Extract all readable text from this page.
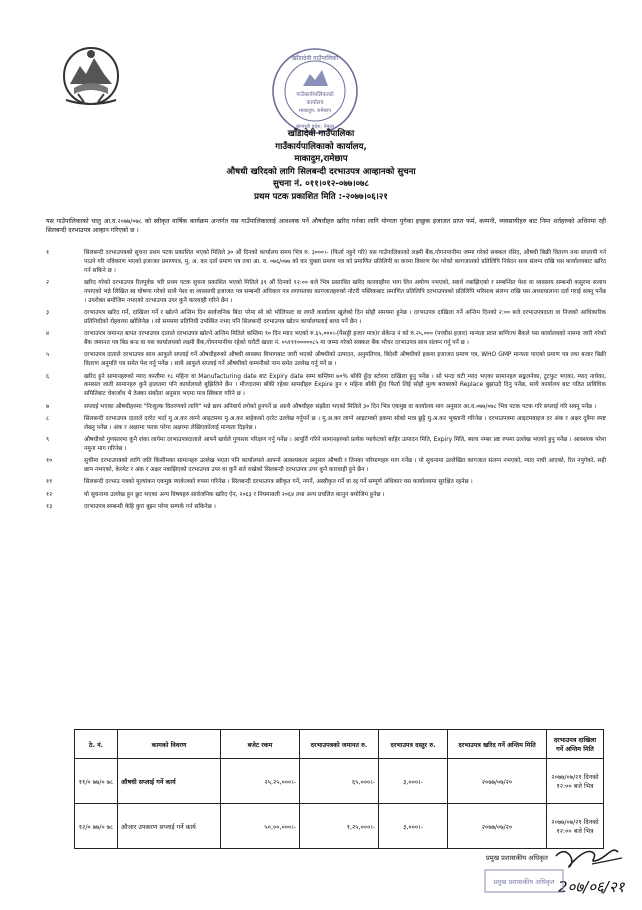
खाँडादेवी गाउँपालिका
गाउँकार्यपालिकाको
कार्यालय
माकादुम, रामेछाप
बागमती प्रदेश, नेपाल
खाँडादेवी गाउँपालिका
गाउँकार्यपालिकाको कार्यालय,
माकादुम,रामेछाप
औषधी खरिदको लागि सिलबन्दी दरभाउपत्र आव्हानको सुचना
सुचना नं. ०११।०१२-०७७।०७८
प्रथम पटक प्रकाशित मिति :-२०७७।०६।२१
यस गाउँपालिकाको चालु आ.व.२०७७/०७८ को स्वीकृत वार्षिक कार्यक्रम अन्तर्गत यस गाउँपालिकालाई आवश्यक पर्ने औषधीहरु खरिद गर्नका लागि योग्यता पुगेका इच्छुक इजाजत प्राप्त फर्म, कम्पनी, व्यवसायीहरु बाट निम्न शर्तहरुको अधिनमा रही सिलबन्दी दरभाउपत्र आव्हान गरिएको छ ।
१	सिलबन्दी दरभाउपत्रको सुचना प्रथम पटक प्रकाशित भएको मितिले ३० औं दिनको कार्यालय समय भित्र रु. ३०००।- (फिर्ता नहुने गरि) यस गाउँपालिकाको लक्ष्मी बैंक,गोगनपानीमा जम्मा गरेको सक्कल रसिद, औषधी बिक्री वितरण तथा सप्लायी गर्न पाउने गरि नविकरण भएको इजाजत प्रमाणपत्र, मु. अ. कर दर्ता प्रमाण पत्र तथा आ. व. ०७६/०७७ को कर चुक्ता प्रमाण पत्र को प्रमाणित प्रतिलिपी वा करमा विवरण पेश गरेको कागजातको प्रतिलिपि निवेदन साथ संलग्न राखि यस कार्यालयबाट खरिद गर्न सकिने छ ।
२	खरिद गरेको दरभाउपत्र रितपुर्वक भरि प्रथम पटक सुचना प्रकाशित भएको मितिले ३१ औं दिनको १२:०० बजे भित्र प्रस्तावित खरिद कारवाहीमा भाग लिन अयोग्य नभएको, स्वार्थ नबाझिएको र सम्बन्धित पेशा वा व्यवसाय सम्बन्धी कसुरमा सजाय नपाएको भन्ने लिखित स्व घोषणा गरेको साथै पेशा वा व्यवसायी इजाजत पत्र सम्बन्धी अधिकार पत्र लगायतका कागजातहरुको नोटरी पब्लिकबाट प्रमाणित प्रतिलिपि दरभाउपत्रको प्रतिलिपि भरिसाथ संलग्न राखि यस अध्यायालाना दर्ता गराई सक्नु पर्नेछ । उपरोक्त बमोजिम नभएको दरभाउपत्र उपर कुनै कारवाही गरिने छैन ।
३	दरभाउपत्र खरिद गर्ने, दाखिला गर्ने र खोल्ने अन्तिम दिन सार्वजनिक बिदा परेमा सो को भोलिपल्ट वा लगतै कार्यालय खुलेको दिन सोही समयमा हुनेछ । दरभाउपत्र दाखिला गर्ने अन्तिम दिनको २:०० बजे दरभाउपत्रदाता वा निजको आधिकारिक प्रतिनिधीको रोहवरमा खोलिनेछ । सो समयमा प्रतिनिधी उपस्थित नभए पनि सिलबन्दी दरभाउपत्र खोल्न कार्यालयलाई बाधा पर्ने छैन ।
४	दरभाउपत्र जमानत बापत दरभाउपत्र दाताले दरभाउपत्र खोल्ने अन्तिम मितिले कम्तिमा ९० दिन म्याद भएको रु.६५,०००।-(पैसठ्ठी हजार मात्र)र सेकेन्ड नं को रु.२५,००० (पच्चीस हजार) मान्यता प्राप्त बाणिज्य बैंकले यस कार्यालयको नाममा जारी गरेको बैंक जमानत पत्र बिड बन्ड वा यस कार्यालयको लक्ष्मी बैंक,गोगनपानीमा रहेको धरौटी खाता नं. ०५१११०००००८५ मा जम्मा गरेको सक्कल बैंक भौचर दरभाउपत्र साथ संलग्न गर्नु पर्ने छ ।
५	दरभाउपत्र दाताले दरभाउपत्र साथ आफुले सप्लाई गर्ने औषधीहरुको औषधी व्यवस्था विभागबाट जारी भएको औषधीको उत्पादन, अनुमतिपत्र, बिदेशी औषधीको हकमा इजाजत प्रमाण पत्र, WHO GMP मान्यता पाएको प्रमाण पत्र तथा बजार बिक्री वितरण अनुमति पत्र समेत पेश गर्नु पर्नेछ । साथै आफुले सप्लाई गर्ने औषधीको कम्पनीको नाम समेत उल्लेख गर्नु पर्ने छ ।
६	खरिद हुने सामानहरुको म्याद कम्तीमा १८ महिना वा Manufacturing date बाट Expiry date सम्म कम्तिमा ७०% बाँकी हुँदा स्टोरमा दाखिला हुनु पर्नेछ । सो भन्दा घटी म्याद भएका सामानहरु सङ्कलनेका, टुटफुट भएका, म्याद नाघेका, कमसल जाती सामानहरु कुनै हालतमा पनि कार्यालयले बुझिलिने छैन । मौज्दातमा बाँकी रहेका सामग्रीहरु Expire हुन १ महिना बाँकी हुँदा फिर्ता लिई सोही मुल्य बराबरको Replace बुझाउदै दिनु पर्नेछ, साथै कार्यालय बाट गठित प्राविधिक समितिबाट चेकजाँच भै ठेक्का संकौता अनुसार भएमा मात्र स्विकार गरिने छ ।
७	सप्लाई भएका औषधीहरुमा "निःशुल्क वितरणको लागि" भन्ने छाप अनिवार्य लगेको हुनपर्ने छ ।साथै औषधीहरु संझौता भएको मितिले ३० दिन भित्र एकमुष्ठ वा कार्यालय माग अनुसार आ.व.०७७/०७८ भित्र पटक पटक गरि सप्लाई गरि सक्नु पर्नेछ ।
८	सिलबन्दी दरभाउपत्र दाताले दररेट भर्दा मु.अ.कर लाग्ने आइटममा मु.अ.कर बाहेकको दररेट उल्लेख गर्नुपर्ने छ । मु.अ.कर लाग्ने आइटमको हकमा सोको मात्र छुट्टै मु.अ.कर भुक्तानी गरिनेछ । दरभाउपत्रमा आइटमवाइज दर अंक र अक्षर दुवैमा स्पष्ट लेख्नु पर्नेछ । अंक र अक्षरमा फरक परेमा अक्षरमा लेखिएकोलाई मान्यता दिइनेछ ।
९	औषधीको गुणस्तरमा कुनै शंका लागेमा दरभाउपत्रदाताले आफ्नै खर्चले गुणस्तर परिक्षण गर्नु पर्नेछ । आपूर्ति गरिने सामानहरुको प्रत्येक प्याकेटको बाहिर उत्पादन मिति, Expiry मिति, ब्याच नम्बर प्रष्ट रुपमा उल्लेख भएको हुनु पर्नेछ । आवश्यक परेमा नमुना माग गरिनेछ ।
१०	सुचीमा दरभाउपत्रको लागि जति किसीमका सामानहरु उल्लेख भएता पनि कार्यालयले आफ्नो आवश्यकता अनुसार औषधी र तिनका परिमाणहरु माग गर्नेछ । यो सुचनामा उल्लेखित कागजात संलग्न नभएको, म्याद नाघी आएको, रित नपुगेको, सही छाप नभएको, केरमेट र अंक र अक्षर नबाझिएको दरभाउपत्र उपर वा कुनै शर्त राखेको सिलबन्दी दरभाउपत्र उपर कुनै कारवाही हुने छैन ।
११	सिलबन्दी दरभाउ पत्रको मूल्यांकन एकमुष्ठ प्याकेजको रुपमा गरिनेछ । सिलबन्दी दरभाउपत्र स्वीकृत गर्ने, नगर्ने, अस्वीकृत गर्ने वा रद्द गर्ने सम्पूर्ण अधिकार यस कार्यालयमा सुरक्षित रहनेछ ।
१२	यो सुचनामा उल्लेख हुन छुट भएका अन्य विषयहरु सार्वजनिक खरिद ऐन, २०६३ र नियमावली २०६४ तथा अन्य प्रचलित कानुन बमोजिम हुनेछ ।
१३	दरभाउपत्र सम्बन्धी केहि कुरा बुझ्न परेमा सम्पर्क गर्न सकिनेछ ।
ठे. नं.	कामको विवरण	बजेट रकम	दरभाउपत्रको जमानत रु.	दरभाउपत्र दस्तुर रु.	दरभाउपत्र खरिद गर्ने अन्तिम मिति	दरभाउपत्र दाखिला गर्ने अन्तिम मिति
११/० ७७/० ७८	औषधी सप्लाई गर्ने कार्य	२५,२५,०००।-	६५,०००।-	३,०००।-	२०७७/०७/२०	२०७७/०७/२१ दिनको १२:०० बजे भित्र
१२/० ७७/० ७८	औजार उपकरण सप्लाई गर्ने कार्य	५०,००,०००।-	१,२५,०००।-	३,०००।-	२०७७/०७/२०	२०७७/०७/२१ दिनको १२:०० बजे भित्र
प्रमुख प्रशासकीय अधिकृत
2०७/०६/२१
प्रमुख प्रशासकीय अधिकृत
